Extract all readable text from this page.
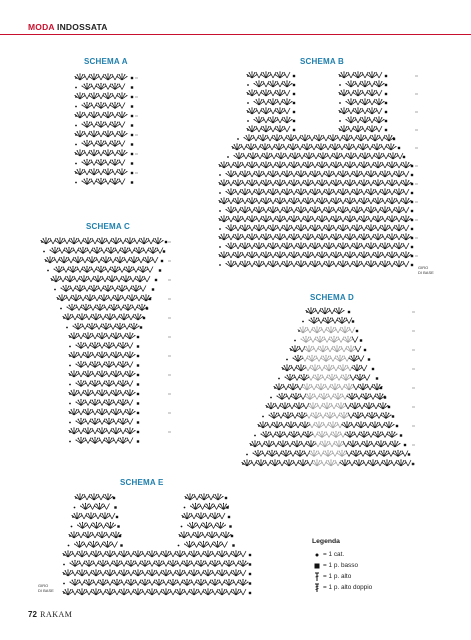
MODA INDOSSATA
SCHEMA A	SCHEMA B
GIRO
DI BASE
SCHEMA C
SCHEMA D
SCHEMA E
GIRO
DI BASE
Legenda
= 1 cat.
= 1 p. basso
= 1 p. alto
= 1 p. alto doppio
72 RAKAM
